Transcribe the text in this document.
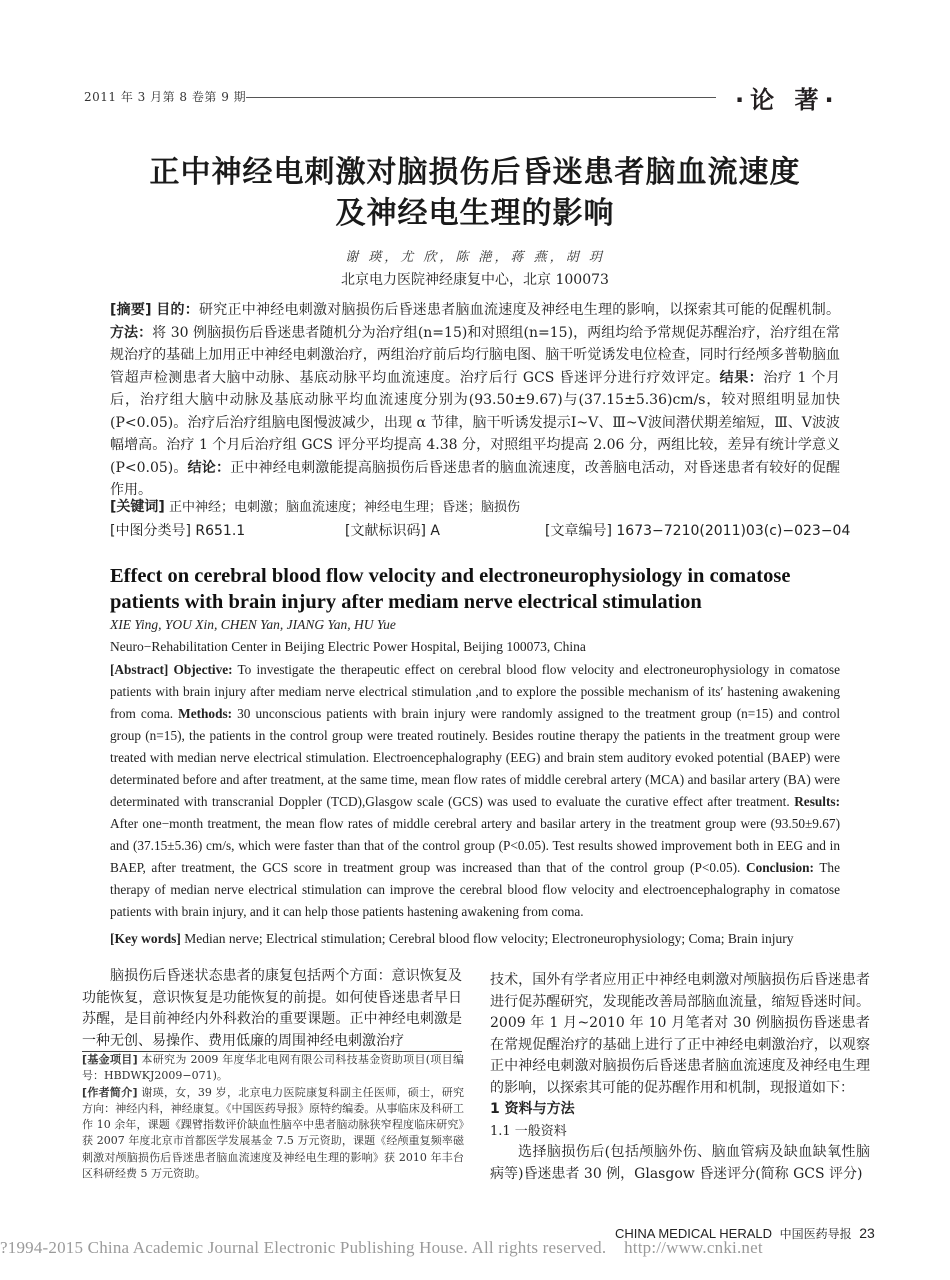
2011 年 3 月第 8 卷第 9 期	·论 著·
正中神经电刺激对脑损伤后昏迷患者脑血流速度
及神经电生理的影响
谢 瑛，尤 欣，陈 滟，蒋 燕，胡 玥
北京电力医院神经康复中心，北京 100073
[摘要] 目的：研究正中神经电刺激对脑损伤后昏迷患者脑血流速度及神经电生理的影响，以探索其可能的促醒机制。方法：将 30 例脑损伤后昏迷患者随机分为治疗组(n=15)和对照组(n=15)，两组均给予常规促苏醒治疗，治疗组在常规治疗的基础上加用正中神经电刺激治疗，两组治疗前后均行脑电图、脑干听觉诱发电位检查，同时行经颅多普勒脑血管超声检测患者大脑中动脉、基底动脉平均血流速度。治疗后行 GCS 昏迷评分进行疗效评定。结果：治疗 1 个月后，治疗组大脑中动脉及基底动脉平均血流速度分别为(93.50±9.67)与(37.15±5.36)cm/s，较对照组明显加快(P<0.05)。治疗后治疗组脑电图慢波减少，出现 α 节律，脑干听诱发提示Ⅰ~Ⅴ、Ⅲ~Ⅴ波间潜伏期差缩短，Ⅲ、Ⅴ波波幅增高。治疗 1 个月后治疗组 GCS 评分平均提高 4.38 分，对照组平均提高 2.06 分，两组比较，差异有统计学意义(P<0.05)。结论：正中神经电刺激能提高脑损伤后昏迷患者的脑血流速度，改善脑电活动，对昏迷患者有较好的促醒作用。
[关键词] 正中神经；电刺激；脑血流速度；神经电生理；昏迷；脑损伤
[中图分类号] R651.1	[文献标识码] A	[文章编号] 1673−7210(2011)03(c)−023−04
Effect on cerebral blood flow velocity and electroneurophysiology in comatose patients with brain injury after mediam nerve electrical stimulation
XIE Ying, YOU Xin, CHEN Yan, JIANG Yan, HU Yue
Neuro−Rehabilitation Center in Beijing Electric Power Hospital, Beijing 100073, China
[Abstract] Objective: To investigate the therapeutic effect on cerebral blood flow velocity and electroneurophysiology in comatose patients with brain injury after mediam nerve electrical stimulation ,and to explore the possible mechanism of its′ hastening awakening from coma. Methods: 30 unconscious patients with brain injury were randomly assigned to the treatment group (n=15) and control group (n=15), the patients in the control group were treated routinely. Besides routine therapy the patients in the treatment group were treated with median nerve electrical stimulation. Electroencephalography (EEG) and brain stem auditory evoked potential (BAEP) were determinated before and after treatment, at the same time, mean flow rates of middle cerebral artery (MCA) and basilar artery (BA) were determinated with transcranial Doppler (TCD),Glasgow scale (GCS) was used to evaluate the curative effect after treatment. Results: After one−month treatment, the mean flow rates of middle cerebral artery and basilar artery in the treatment group were (93.50±9.67) and (37.15±5.36) cm/s, which were faster than that of the control group (P<0.05). Test results showed improvement both in EEG and in BAEP, after treatment, the GCS score in treatment group was increased than that of the control group (P<0.05). Conclusion: The therapy of median nerve electrical stimulation can improve the cerebral blood flow velocity and electroencephalography in comatose patients with brain injury, and it can help those patients hastening awakening from coma.
[Key words] Median nerve; Electrical stimulation; Cerebral blood flow velocity; Electroneurophysiology; Coma; Brain injury

脑损伤后昏迷状态患者的康复包括两个方面：意识恢复及功能恢复，意识恢复是功能恢复的前提。如何使昏迷患者早日苏醒，是目前神经内外科救治的重要课题。正中神经电刺激是一种无创、易操作、费用低廉的周围神经电刺激治疗

[基金项目] 本研究为 2009 年度华北电网有限公司科技基金资助项目(项目编号：HBDWKJ2009−071)。
[作者简介] 谢瑛，女，39 岁，北京电力医院康复科副主任医师，硕士，研究方向：神经内科，神经康复。《中国医药导报》原特约编委。从事临床及科研工作 10 余年，课题《踝臂指数评价缺血性脑卒中患者脑动脉狭窄程度临床研究》获 2007 年度北京市首都医学发展基金 7.5 万元资助，课题《经颅重复频率磁刺激对颅脑损伤后昏迷患者脑血流速度及神经电生理的影响》获 2010 年丰台区科研经费 5 万元资助。

技术，国外有学者应用正中神经电刺激对颅脑损伤后昏迷患者进行促苏醒研究，发现能改善局部脑血流量，缩短昏迷时间。2009 年 1 月~2010 年 10 月笔者对 30 例脑损伤昏迷患者在常规促醒治疗的基础上进行了正中神经电刺激治疗，以观察正中神经电刺激对脑损伤后昏迷患者脑血流速度及神经电生理的影响，以探索其可能的促苏醒作用和机制，现报道如下：

1 资料与方法
1.1 一般资料

选择脑损伤后(包括颅脑外伤、脑血管病及缺血缺氧性脑病等)昏迷患者 30 例，Glasgow 昏迷评分(简称 GCS 评分)

CHINA MEDICAL HERALD 中国医药导报 23
?1994-2015 China Academic Journal Electronic Publishing House. All rights reserved.    http://www.cnki.net
